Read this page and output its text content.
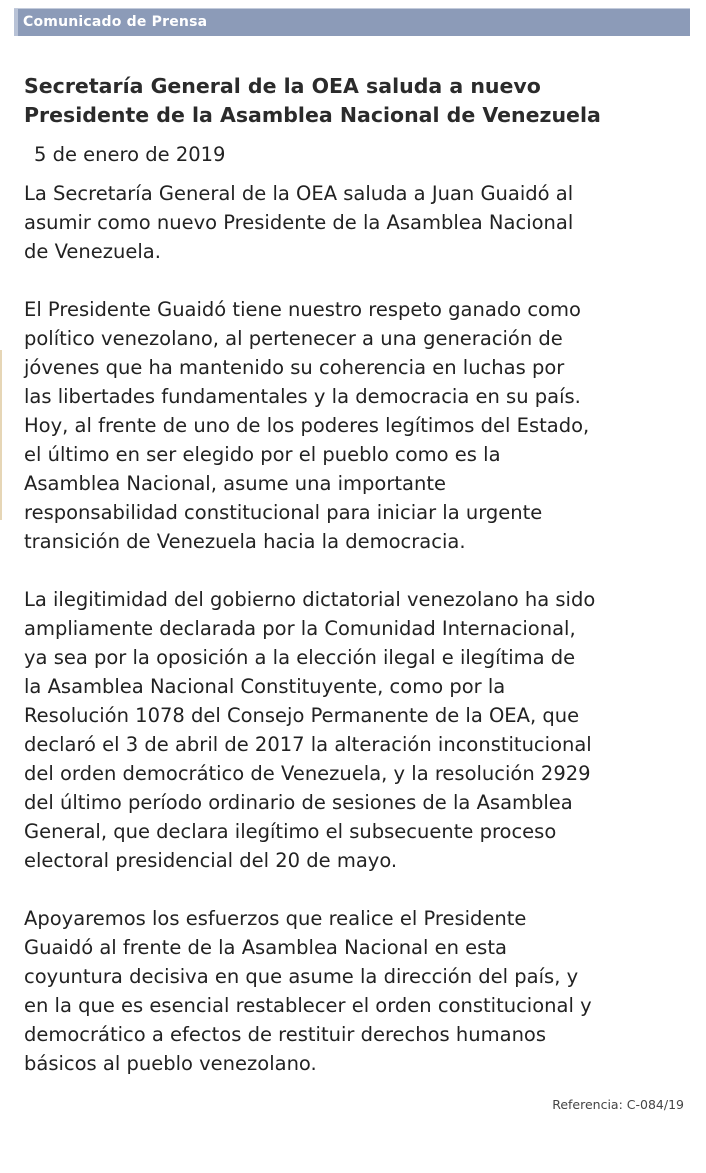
Comunicado de Prensa
Secretaría General de la OEA saluda a nuevo
Presidente de la Asamblea Nacional de Venezuela
5 de enero de 2019

La Secretaría General de la OEA saluda a Juan Guaidó al
asumir como nuevo Presidente de la Asamblea Nacional
de Venezuela.

El Presidente Guaidó tiene nuestro respeto ganado como
político venezolano, al pertenecer a una generación de
jóvenes que ha mantenido su coherencia en luchas por
las libertades fundamentales y la democracia en su país.
Hoy, al frente de uno de los poderes legítimos del Estado,
el último en ser elegido por el pueblo como es la
Asamblea Nacional, asume una importante
responsabilidad constitucional para iniciar la urgente
transición de Venezuela hacia la democracia.

La ilegitimidad del gobierno dictatorial venezolano ha sido
ampliamente declarada por la Comunidad Internacional,
ya sea por la oposición a la elección ilegal e ilegítima de
la Asamblea Nacional Constituyente, como por la
Resolución 1078 del Consejo Permanente de la OEA, que
declaró el 3 de abril de 2017 la alteración inconstitucional
del orden democrático de Venezuela, y la resolución 2929
del último período ordinario de sesiones de la Asamblea
General, que declara ilegítimo el subsecuente proceso
electoral presidencial del 20 de mayo.

Apoyaremos los esfuerzos que realice el Presidente
Guaidó al frente de la Asamblea Nacional en esta
coyuntura decisiva en que asume la dirección del país, y
en la que es esencial restablecer el orden constitucional y
democrático a efectos de restituir derechos humanos
básicos al pueblo venezolano.

Referencia: C-084/19
